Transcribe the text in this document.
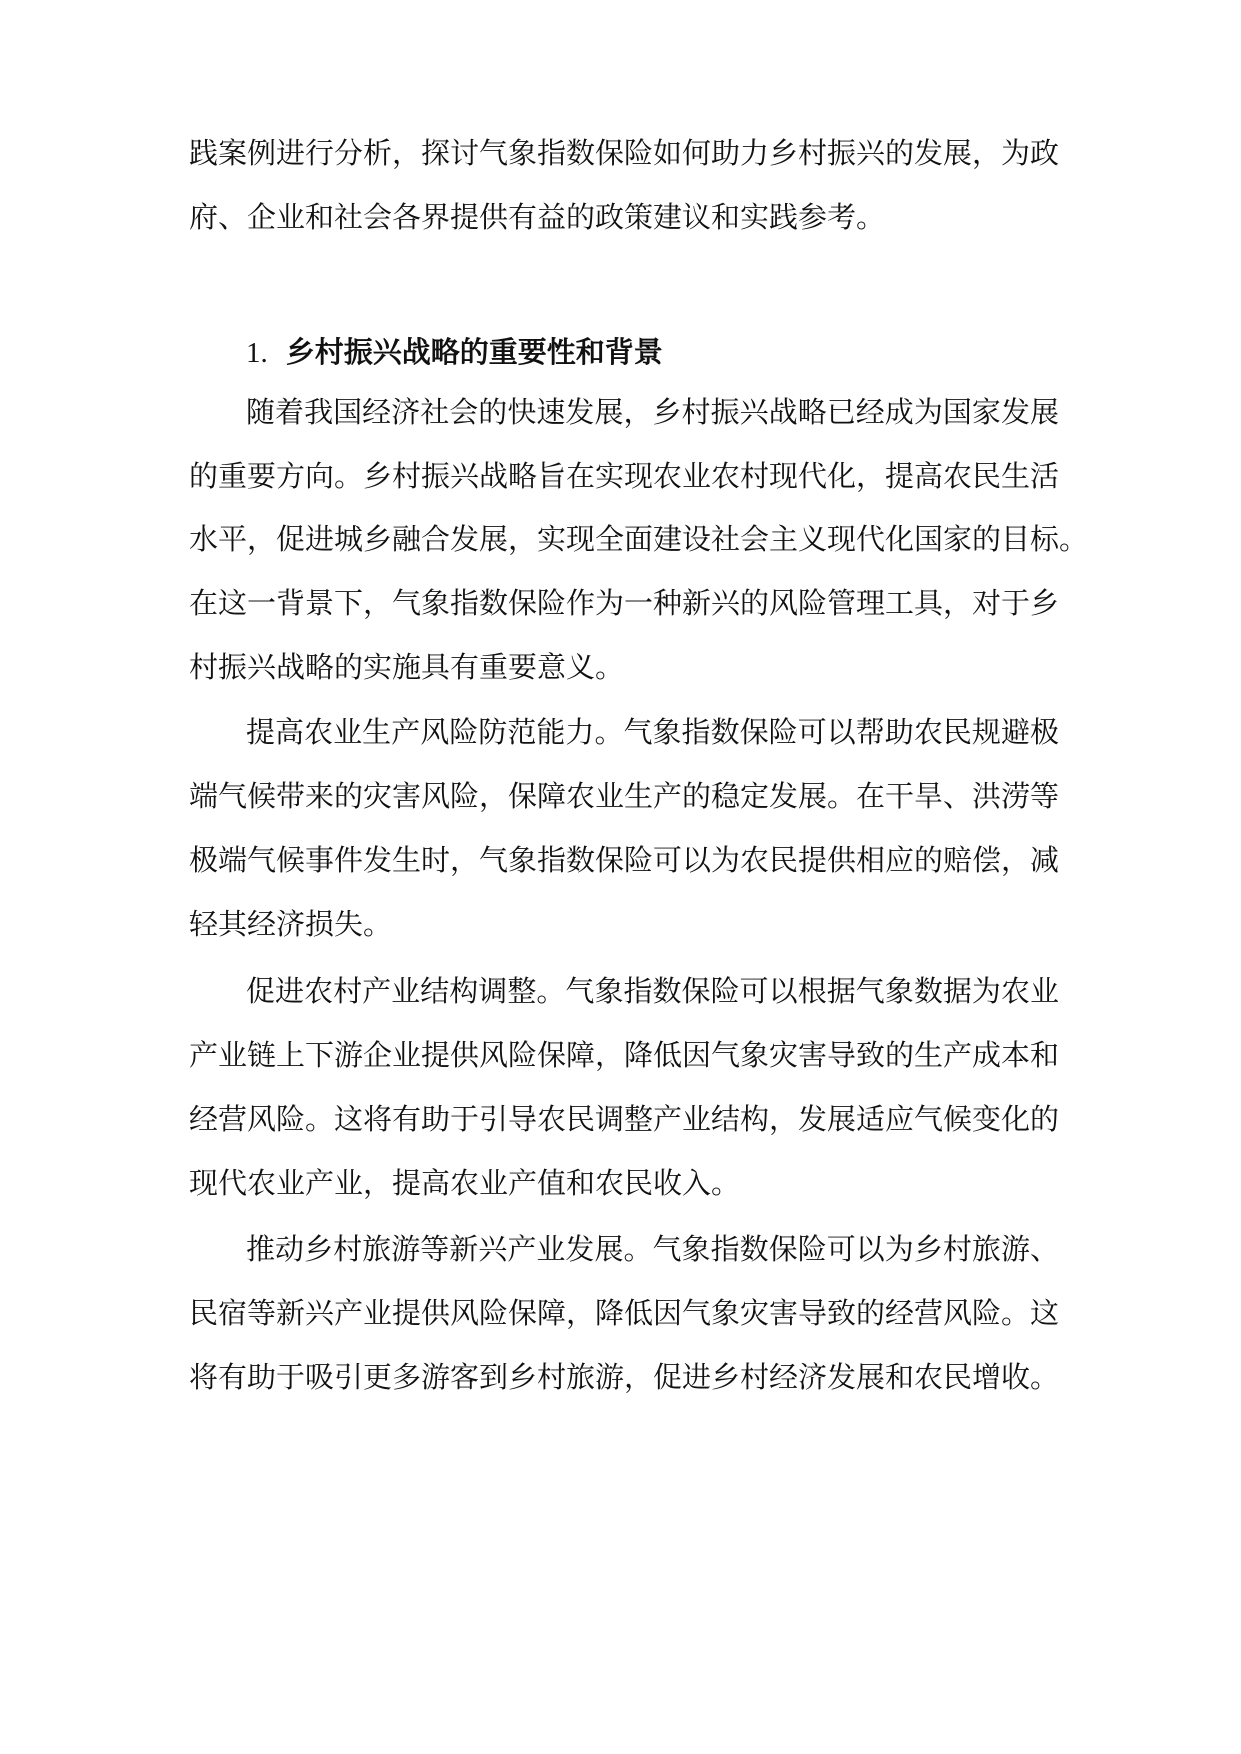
践案例进行分析，探讨气象指数保险如何助力乡村振兴的发展，为政

府、企业和社会各界提供有益的政策建议和实践参考。

1. 乡村振兴战略的重要性和背景

随着我国经济社会的快速发展，乡村振兴战略已经成为国家发展

的重要方向。乡村振兴战略旨在实现农业农村现代化，提高农民生活

水平，促进城乡融合发展，实现全面建设社会主义现代化国家的目标。

在这一背景下，气象指数保险作为一种新兴的风险管理工具，对于乡

村振兴战略的实施具有重要意义。

提高农业生产风险防范能力。气象指数保险可以帮助农民规避极

端气候带来的灾害风险，保障农业生产的稳定发展。在干旱、洪涝等

极端气候事件发生时，气象指数保险可以为农民提供相应的赔偿，减

轻其经济损失。

促进农村产业结构调整。气象指数保险可以根据气象数据为农业

产业链上下游企业提供风险保障，降低因气象灾害导致的生产成本和

经营风险。这将有助于引导农民调整产业结构，发展适应气候变化的

现代农业产业，提高农业产值和农民收入。

推动乡村旅游等新兴产业发展。气象指数保险可以为乡村旅游、

民宿等新兴产业提供风险保障，降低因气象灾害导致的经营风险。这

将有助于吸引更多游客到乡村旅游，促进乡村经济发展和农民增收。
